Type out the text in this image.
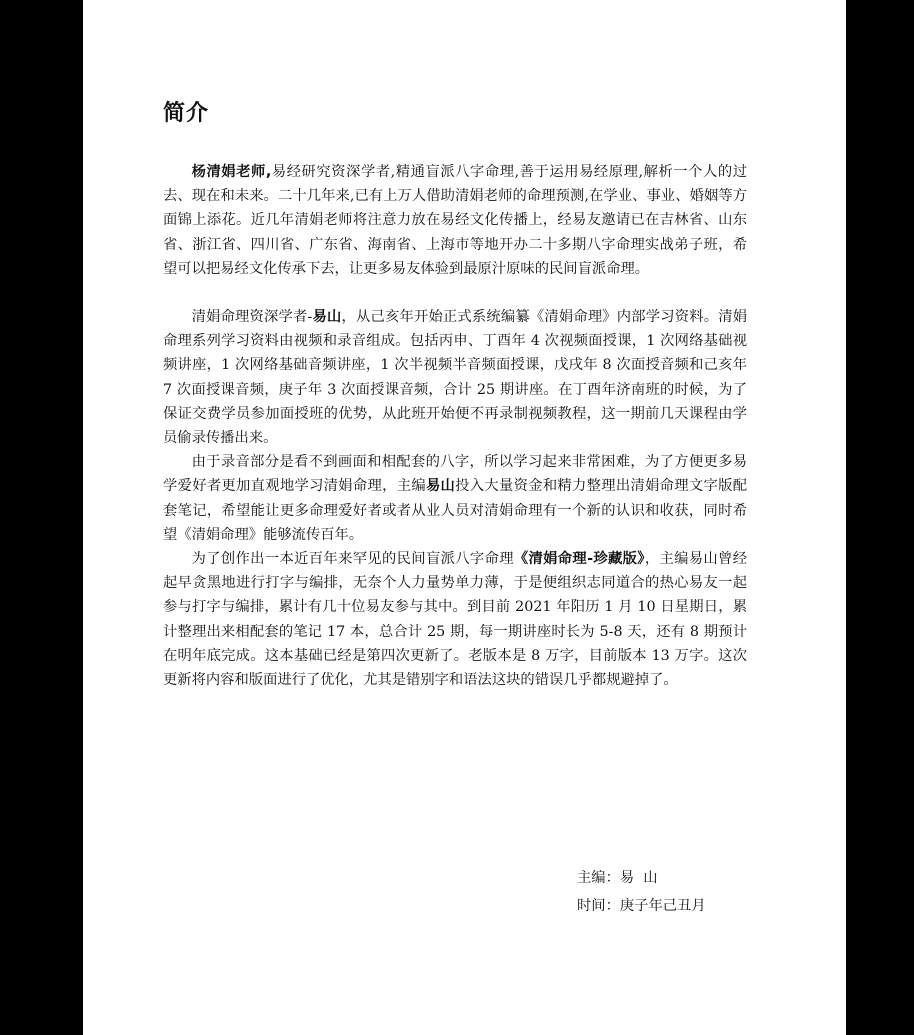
简介

杨清娟老师,易经研究资深学者,精通盲派八字命理,善于运用易经原理,解析一个人的过去、现在和未来。二十几年来,已有上万人借助清娟老师的命理预测,在学业、事业、婚姻等方面锦上添花。近几年清娟老师将注意力放在易经文化传播上，经易友邀请已在吉林省、山东省、浙江省、四川省、广东省、海南省、上海市等地开办二十多期八字命理实战弟子班，希望可以把易经文化传承下去，让更多易友体验到最原汁原味的民间盲派命理。

清娟命理资深学者-易山，从己亥年开始正式系统编纂《清娟命理》内部学习资料。清娟命理系列学习资料由视频和录音组成。包括丙申、丁酉年 4 次视频面授课，1 次网络基础视频讲座，1 次网络基础音频讲座，1 次半视频半音频面授课，戊戌年 8 次面授音频和己亥年 7 次面授课音频，庚子年 3 次面授课音频，合计 25 期讲座。在丁酉年济南班的时候，为了保证交费学员参加面授班的优势，从此班开始便不再录制视频教程，这一期前几天课程由学员偷录传播出来。

由于录音部分是看不到画面和相配套的八字，所以学习起来非常困难，为了方便更多易学爱好者更加直观地学习清娟命理，主编易山投入大量资金和精力整理出清娟命理文字版配套笔记，希望能让更多命理爱好者或者从业人员对清娟命理有一个新的认识和收获，同时希望《清娟命理》能够流传百年。

为了创作出一本近百年来罕见的民间盲派八字命理《清娟命理-珍藏版》，主编易山曾经起早贪黑地进行打字与编排，无奈个人力量势单力薄，于是便组织志同道合的热心易友一起参与打字与编排，累计有几十位易友参与其中。到目前 2021 年阳历 1 月 10 日星期日，累计整理出来相配套的笔记 17 本，总合计 25 期，每一期讲座时长为 5-8 天，还有 8 期预计在明年底完成。这本基础已经是第四次更新了。老版本是 8 万字，目前版本 13 万字。这次更新将内容和版面进行了优化，尤其是错别字和语法这块的错误几乎都规避掉了。

主编：易  山
时间：庚子年己丑月
